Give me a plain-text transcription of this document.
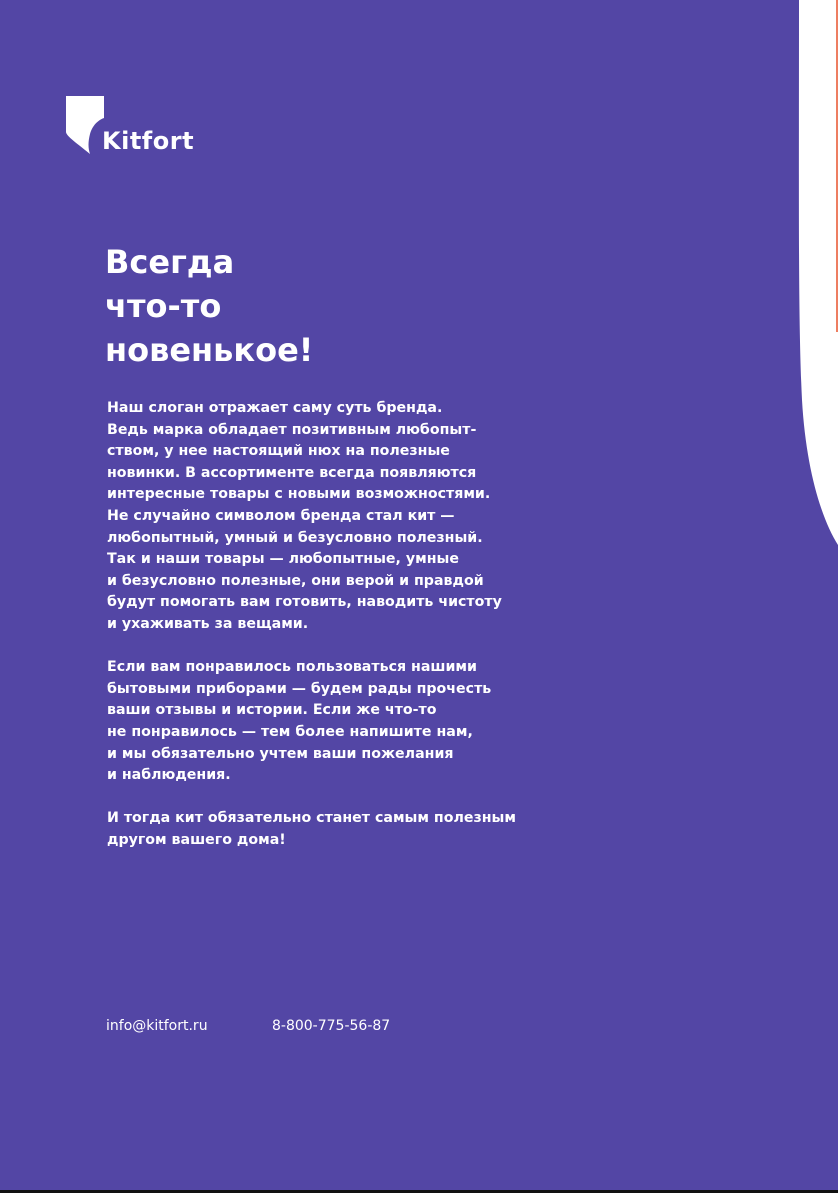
Kitfort
Всегда
что-то
новенькое!

Наш слоган отражает саму суть бренда.
Ведь марка обладает позитивным любопыт-
ством, у нее настоящий нюх на полезные
новинки. В ассортименте всегда появляются
интересные товары с новыми возможностями.
Не случайно символом бренда стал кит —
любопытный, умный и безусловно полезный.
Так и наши товары — любопытные, умные
и безусловно полезные, они верой и правдой
будут помогать вам готовить, наводить чистоту
и ухаживать за вещами.

Если вам понравилось пользоваться нашими
бытовыми приборами — будем рады прочесть
ваши отзывы и истории. Если же что-то
не понравилось — тем более напишите нам,
и мы обязательно учтем ваши пожелания
и наблюдения.

И тогда кит обязательно станет самым полезным
другом вашего дома!

info@kitfort.ru	8-800-775-56-87
